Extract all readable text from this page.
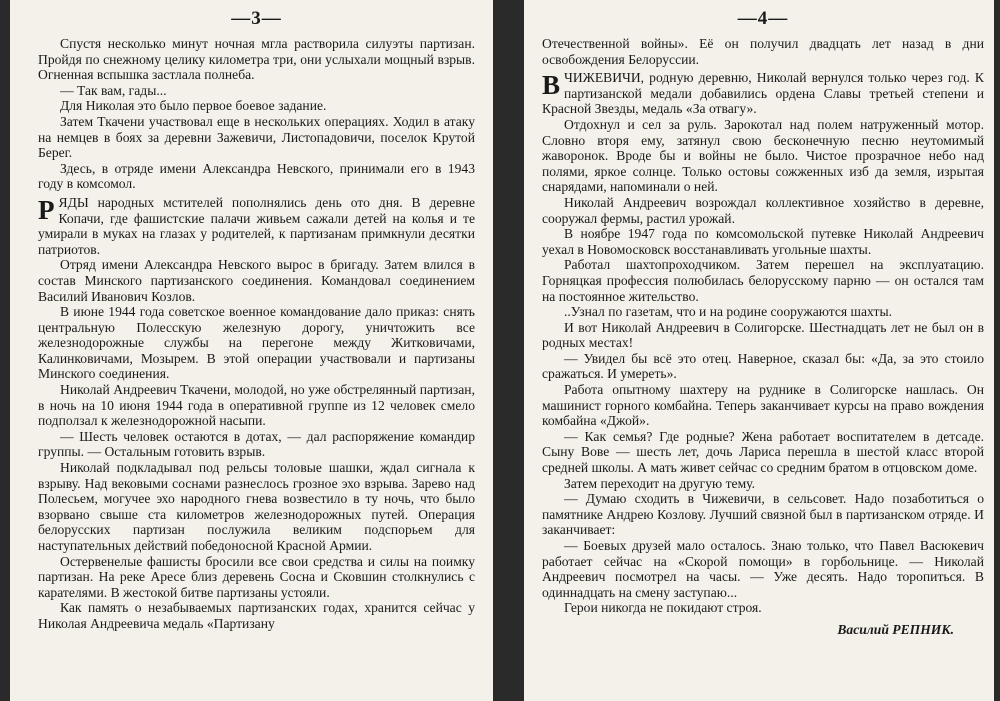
—3—

Спустя несколько минут ночная мгла растворила силуэты партизан. Пройдя по снежному целику километра три, они услыхали мощный взрыв. Огненная вспышка застлала полнеба.

— Так вам, гады...

Для Николая это было первое боевое задание.

Затем Ткачени участвовал еще в нескольких операциях. Ходил в атаку на немцев в боях за деревни Зажевичи, Листопадовичи, поселок Крутой Берег.

Здесь, в отряде имени Александра Невского, принимали его в 1943 году в комсомол.

РЯДЫ народных мстителей пополнялись день ото дня. В деревне Копачи, где фашистские палачи живьем сажали детей на колья и те умирали в муках на глазах у родителей, к партизанам примкнули десятки патриотов.

Отряд имени Александра Невского вырос в бригаду. Затем влился в состав Минского партизанского соединения. Командовал соединением Василий Иванович Козлов.

В июне 1944 года советское военное командование дало приказ: снять центральную Полесскую железную дорогу, уничтожить все железнодорожные службы на перегоне между Житковичами, Калинковичами, Мозырем. В этой операции участвовали и партизаны Минского соединения.

Николай Андреевич Ткачени, молодой, но уже обстрелянный партизан, в ночь на 10 июня 1944 года в оперативной группе из 12 человек смело подползал к железнодорожной насыпи.

— Шесть человек остаются в дотах, — дал распоряжение командир группы. — Остальным готовить взрыв.

Николай подкладывал под рельсы толовые шашки, ждал сигнала к взрыву. Над вековыми соснами разнеслось грозное эхо взрыва. Зарево над Полесьем, могучее эхо народного гнева возвестило в ту ночь, что было взорвано свыше ста километров железнодорожных путей. Операция белорусских партизан послужила великим подспорьем для наступательных действий победоносной Красной Армии.

Остервенелые фашисты бросили все свои средства и силы на поимку партизан. На реке Аресе близ деревень Сосна и Сковшин столкнулись с карателями. В жестокой битве партизаны устояли.

Как память о незабываемых партизанских годах, хранится сейчас у Николая Андреевича медаль «Партизану

—4—

Отечественной войны». Её он получил двадцать лет назад в дни освобождения Белоруссии.

В ЧИЖЕВИЧИ, родную деревню, Николай вернулся только через год. К партизанской медали добавились ордена Славы третьей степени и Красной Звезды, медаль «За отвагу».

Отдохнул и сел за руль. Зарокотал над полем натруженный мотор. Словно вторя ему, затянул свою бесконечную песню неутомимый жаворонок. Вроде бы и войны не было. Чистое прозрачное небо над полями, яркое солнце. Только остовы сожженных изб да земля, изрытая снарядами, напоминали о ней.

Николай Андреевич возрождал коллективное хозяйство в деревне, сооружал фермы, растил урожай.

В ноябре 1947 года по комсомольской путевке Николай Андреевич уехал в Новомосковск восстанавливать угольные шахты.

Работал шахтопроходчиком. Затем перешел на эксплуатацию. Горняцкая профессия полюбилась белорусскому парню — он остался там на постоянное жительство.

..Узнал по газетам, что и на родине сооружаются шахты.

И вот Николай Андреевич в Солигорске. Шестнадцать лет не был он в родных местах!

— Увидел бы всё это отец. Наверное, сказал бы: «Да, за это стоило сражаться. И умереть».

Работа опытному шахтеру на руднике в Солигорске нашлась. Он машинист горного комбайна. Теперь заканчивает курсы на право вождения комбайна «Джой».

— Как семья? Где родные? Жена работает воспитателем в детсаде. Сыну Вове — шесть лет, дочь Лариса перешла в шестой класс второй средней школы. А мать живет сейчас со средним братом в отцовском доме.

Затем переходит на другую тему.

— Думаю сходить в Чижевичи, в сельсовет. Надо позаботиться о памятнике Андрею Козлову. Лучший связной был в партизанском отряде. И заканчивает:

— Боевых друзей мало осталось. Знаю только, что Павел Васюкевич работает сейчас на «Скорой помощи» в горбольнице. — Николай Андреевич посмотрел на часы. — Уже десять. Надо торопиться. В одиннадцать на смену заступаю...

Герои никогда не покидают строя.

Василий РЕПНИК.
